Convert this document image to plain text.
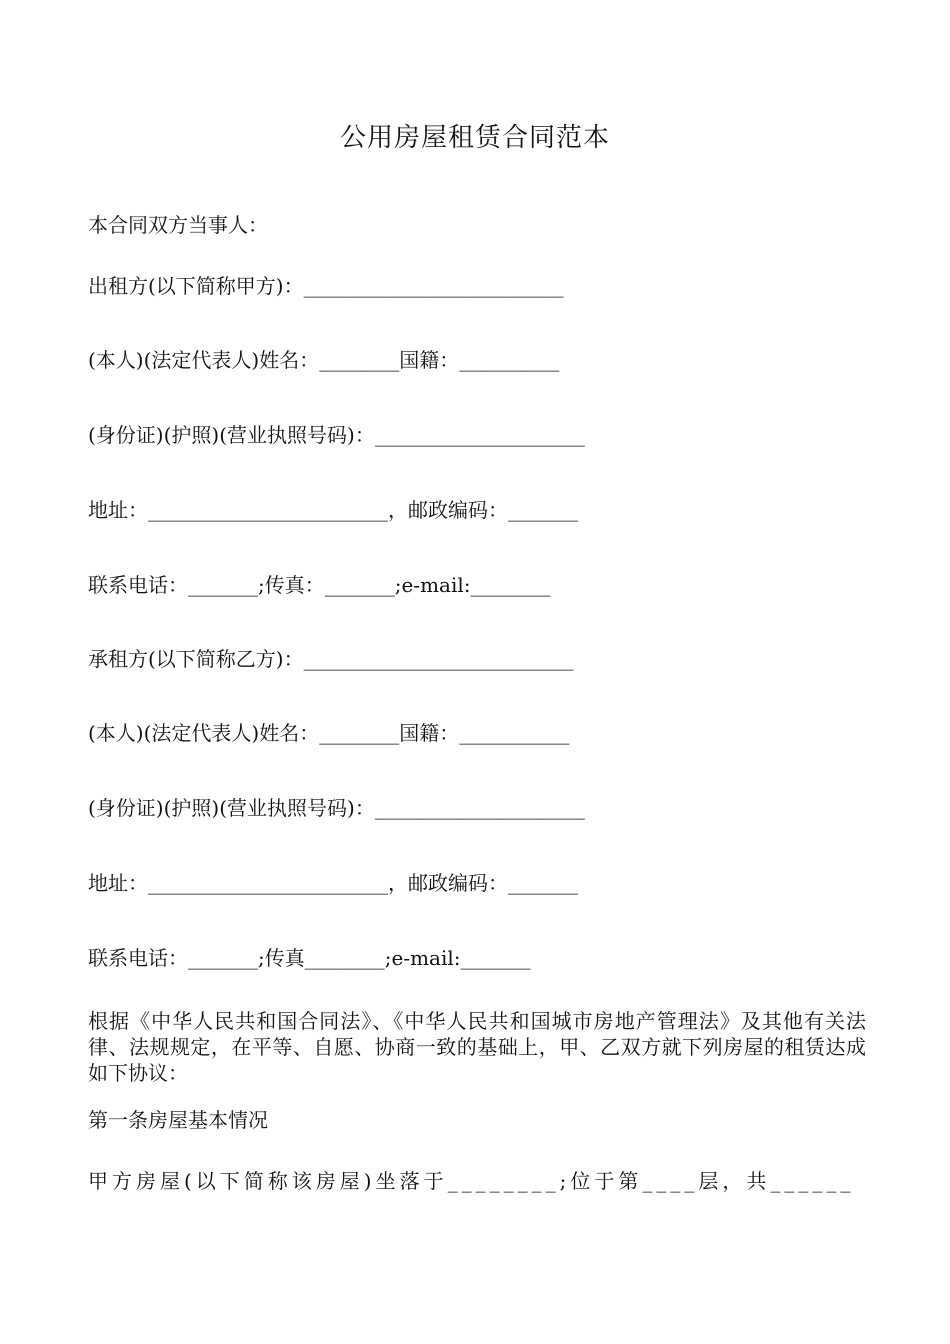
公用房屋租赁合同范本

本合同双方当事人：

出租方(以下简称甲方)：__________________________

(本人)(法定代表人)姓名：________国籍：__________

(身份证)(护照)(营业执照号码)：_____________________

地址：________________________，邮政编码：_______

联系电话：_______;传真：_______;e-mail:________

承租方(以下简称乙方)：___________________________

(本人)(法定代表人)姓名：________国籍：___________

(身份证)(护照)(营业执照号码)：_____________________

地址：________________________，邮政编码：_______

联系电话：_______;传真________;e-mail:_______

根据《中华人民共和国合同法》、《中华人民共和国城市房地产管理法》及其他有关法律、法规规定，在平等、自愿、协商一致的基础上，甲、乙双方就下列房屋的租赁达成如下协议：

第一条房屋基本情况

甲方房屋(以下简称该房屋)坐落于________;位于第____层，共______
